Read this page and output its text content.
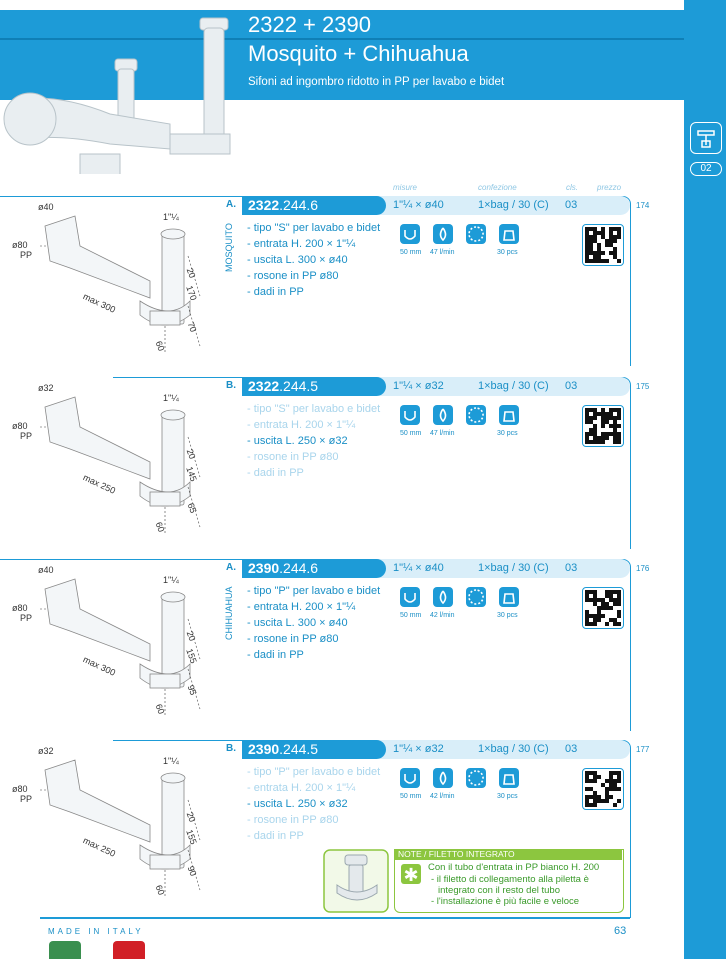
2322 + 2390
Mosquito + Chihuahua
Sifoni ad ingombro ridotto in PP per lavabo e bidet
02
misure	confezione	cls. prezzo
A. 2322.244.6	1"¼ × ø40	1×bag / 30 (C) 03	174
- tipo "S" per lavabo e bidet
- entrata H. 200 × 1"¼
- uscita L. 300 × ø40
- rosone in PP ø80
- dadi in PP
50 mm 47 l/min	30 pcs
ø40
ø80
PP
1"¼
max 300
20
170
70
60
B. 2322.244.5	1"¼ × ø32	1×bag / 30 (C) 03	175
- tipo "S" per lavabo e bidet
- entrata H. 200 × 1"¼
- uscita L. 250 × ø32
- rosone in PP ø80
- dadi in PP
50 mm 47 l/min	30 pcs
ø32
ø80
PP
1"¼
max 250
20
145
65
60
A. 2390.244.6	1"¼ × ø40	1×bag / 30 (C) 03	176
- tipo "P" per lavabo e bidet
- entrata H. 200 × 1"¼
- uscita L. 300 × ø40
- rosone in PP ø80
- dadi in PP
50 mm 42 l/min	30 pcs
ø40
ø80
PP
1"¼
max 300
20
155
95
60
B. 2390.244.5	1"¼ × ø32	1×bag / 30 (C) 03	177
- tipo "P" per lavabo e bidet
- entrata H. 200 × 1"¼
- uscita L. 250 × ø32
- rosone in PP ø80
- dadi in PP
50 mm 42 l/min	30 pcs
ø32
ø80
PP
1"¼
max 250
20
155
90
60
MOSQUITO
CHIHUAHUA
NOTE / FILETTO INTEGRATO
✱ Con il tubo d'entrata in PP bianco H. 200
- il filetto di collegamento alla piletta è
integrato con il resto del tubo
- l'installazione è più facile e veloce
MADE IN ITALY	63
